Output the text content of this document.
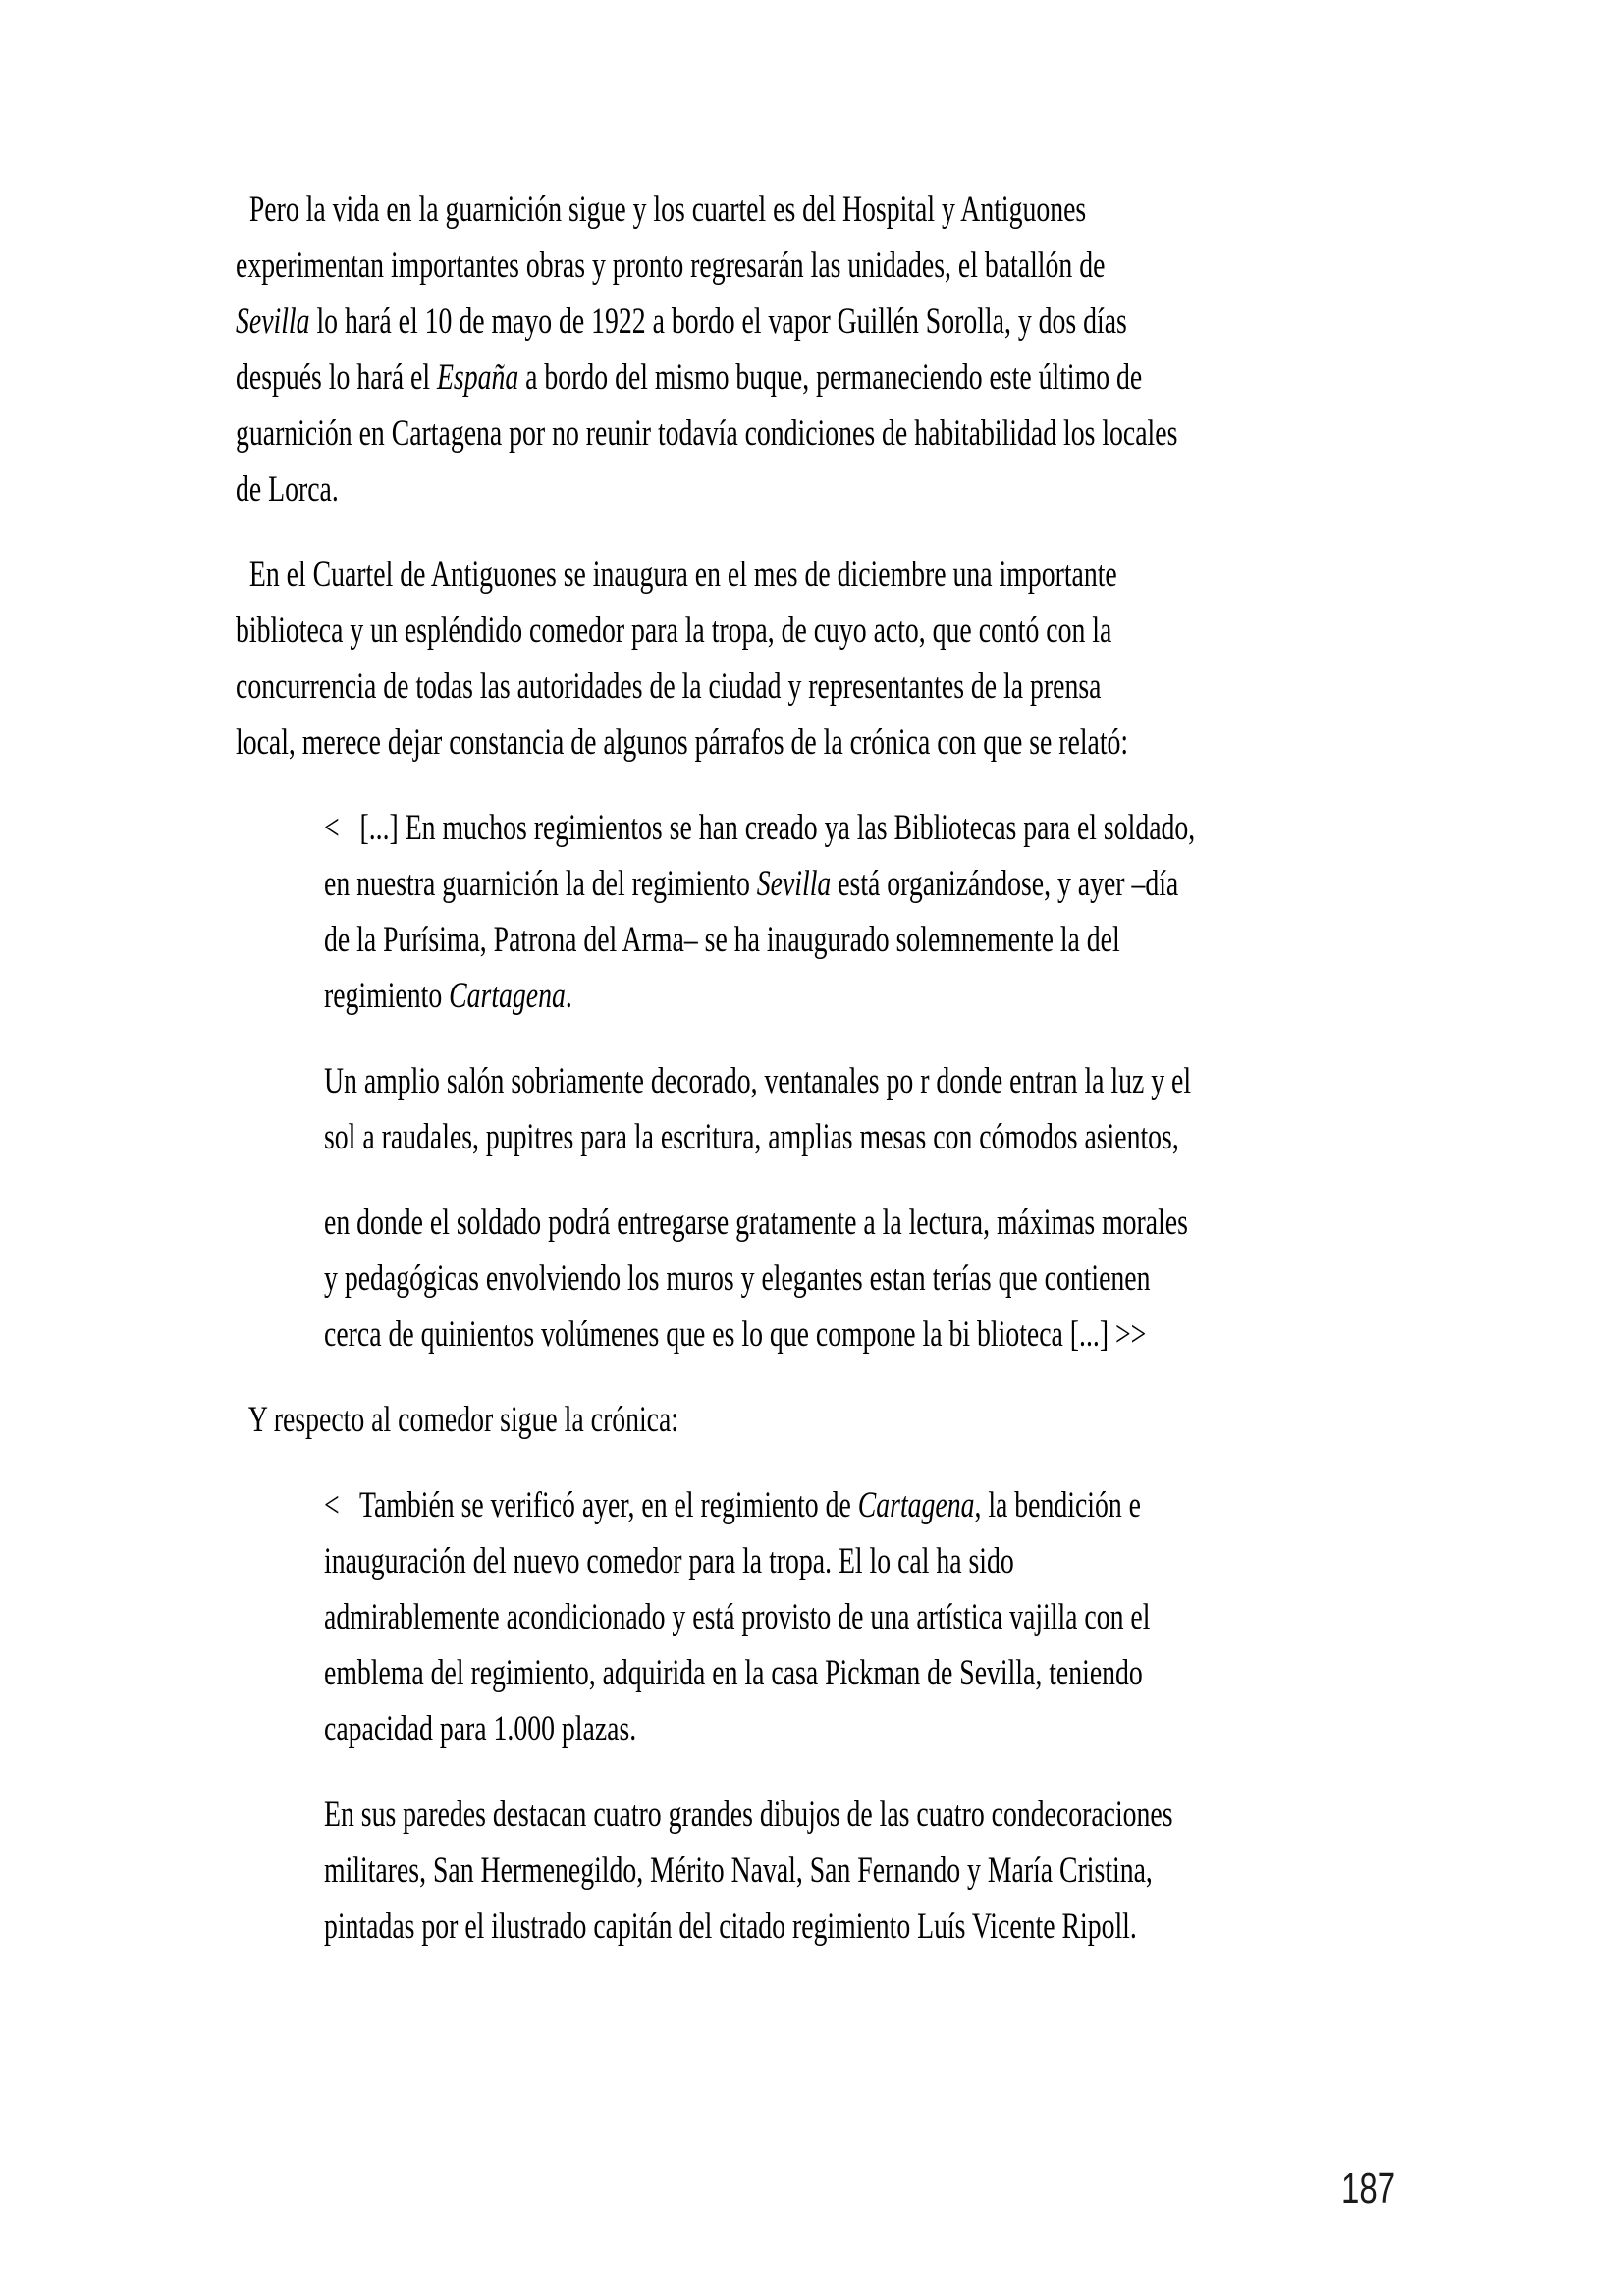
Pero la vida en la guarnición sigue y los cuartel es del Hospital y Antiguones
experimentan importantes obras y pronto regresarán las unidades, el batallón de
Sevilla lo hará el 10 de mayo de 1922 a bordo el vapor Guillén Sorolla, y dos días
después lo hará el España a bordo del mismo buque, permaneciendo este último de
guarnición en Cartagena por no reunir todavía condiciones de habitabilidad los locales
de Lorca.
En el Cuartel de Antiguones se inaugura en el mes de diciembre una importante
biblioteca y un espléndido comedor para la tropa, de cuyo acto, que contó con la
concurrencia de todas las autoridades de la ciudad y representantes de la prensa
local, merece dejar constancia de algunos párrafos de la crónica con que se relató:
<   [...] En muchos regimientos se han creado ya las Bibliotecas para el soldado,
en nuestra guarnición la del regimiento Sevilla está organizándose, y ayer –día
de la Purísima, Patrona del Arma– se ha inaugurado solemnemente la del
regimiento Cartagena.
Un amplio salón sobriamente decorado, ventanales po r donde entran la luz y el
sol a raudales, pupitres para la escritura, amplias mesas con cómodos asientos,
en donde el soldado podrá entregarse gratamente a la lectura, máximas morales
y pedagógicas envolviendo los muros y elegantes estan terías que contienen
cerca de quinientos volúmenes que es lo que compone la bi blioteca [...] >>
Y respecto al comedor sigue la crónica:
<   También se verificó ayer, en el regimiento de Cartagena, la bendición e
inauguración del nuevo comedor para la tropa. El lo cal ha sido
admirablemente acondicionado y está provisto de una artística vajilla con el
emblema del regimiento, adquirida en la casa Pickman de Sevilla, teniendo
capacidad para 1.000 plazas.
En sus paredes destacan cuatro grandes dibujos de las cuatro condecoraciones
militares, San Hermenegildo, Mérito Naval, San Fernando y María Cristina,
pintadas por el ilustrado capitán del citado regimiento Luís Vicente Ripoll.
187
